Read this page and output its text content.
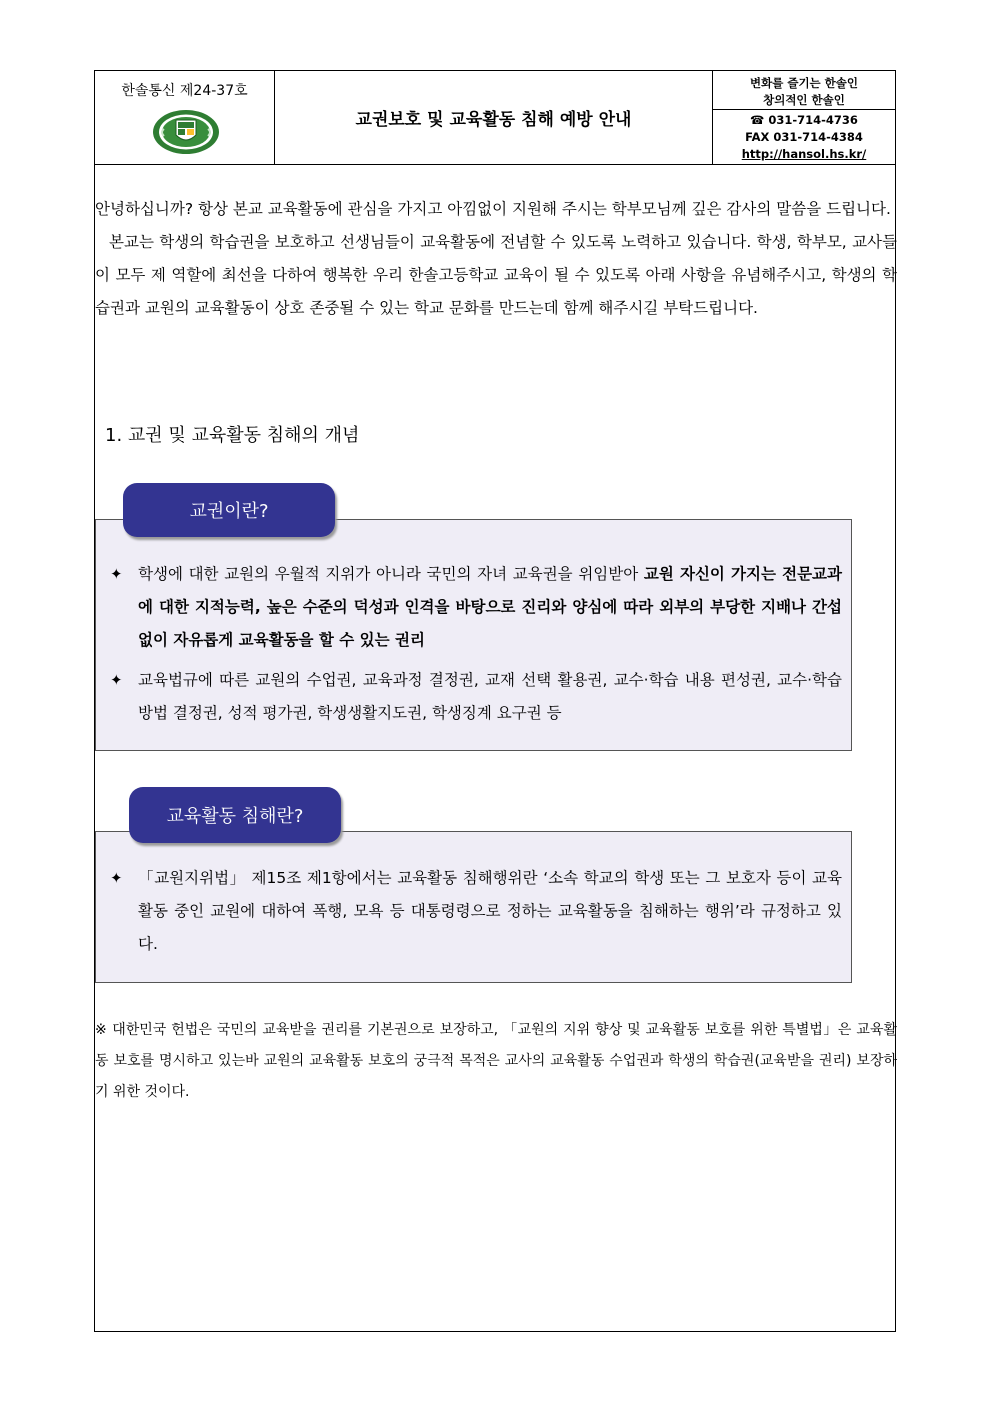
한솔통신 제24-37호
교권보호 및 교육활동 침해 예방 안내
변화를 즐기는 한솔인
창의적인 한솔인
☎ 031-714-4736
FAX 031-714-4384
http://hansol.hs.kr/

안녕하십니까? 항상 본교 교육활동에 관심을 가지고 아낌없이 지원해 주시는 학부모님께 깊은 감사의 말씀을 드립니다.

본교는 학생의 학습권을 보호하고 선생님들이 교육활동에 전념할 수 있도록 노력하고 있습니다. 학생, 학부모, 교사들이 모두 제 역할에 최선을 다하여 행복한 우리 한솔고등학교 교육이 될 수 있도록 아래 사항을 유념해주시고, 학생의 학습권과 교원의 교육활동이 상호 존중될 수 있는 학교 문화를 만드는데 함께 해주시길 부탁드립니다.

1. 교권 및 교육활동 침해의 개념
✦ 학생에 대한 교원의 우월적 지위가 아니라 국민의 자녀 교육권을 위임받아 교원 자신이 가지는 전문교과에 대한 지적능력, 높은 수준의 덕성과 인격을 바탕으로 진리와 양심에 따라 외부의 부당한 지배나 간섭 없이 자유롭게 교육활동을 할 수 있는 권리
✦ 교육법규에 따른 교원의 수업권, 교육과정 결정권, 교재 선택 활용권, 교수·학습 내용 편성권, 교수·학습 방법 결정권, 성적 평가권, 학생생활지도권, 학생징계 요구권 등
교권이란?
✦ 「교원지위법」 제15조 제1항에서는 교육활동 침해행위란 ‘소속 학교의 학생 또는 그 보호자 등이 교육활동 중인 교원에 대하여 폭행, 모욕 등 대통령령으로 정하는 교육활동을 침해하는 행위’라 규정하고 있다.
교육활동 침해란?
※ 대한민국 헌법은 국민의 교육받을 권리를 기본권으로 보장하고, 「교원의 지위 향상 및 교육활동 보호를 위한 특별법」은 교육활동 보호를 명시하고 있는바 교원의 교육활동 보호의 궁극적 목적은 교사의 교육활동 수업권과 학생의 학습권(교육받을 권리) 보장하기 위한 것이다.
